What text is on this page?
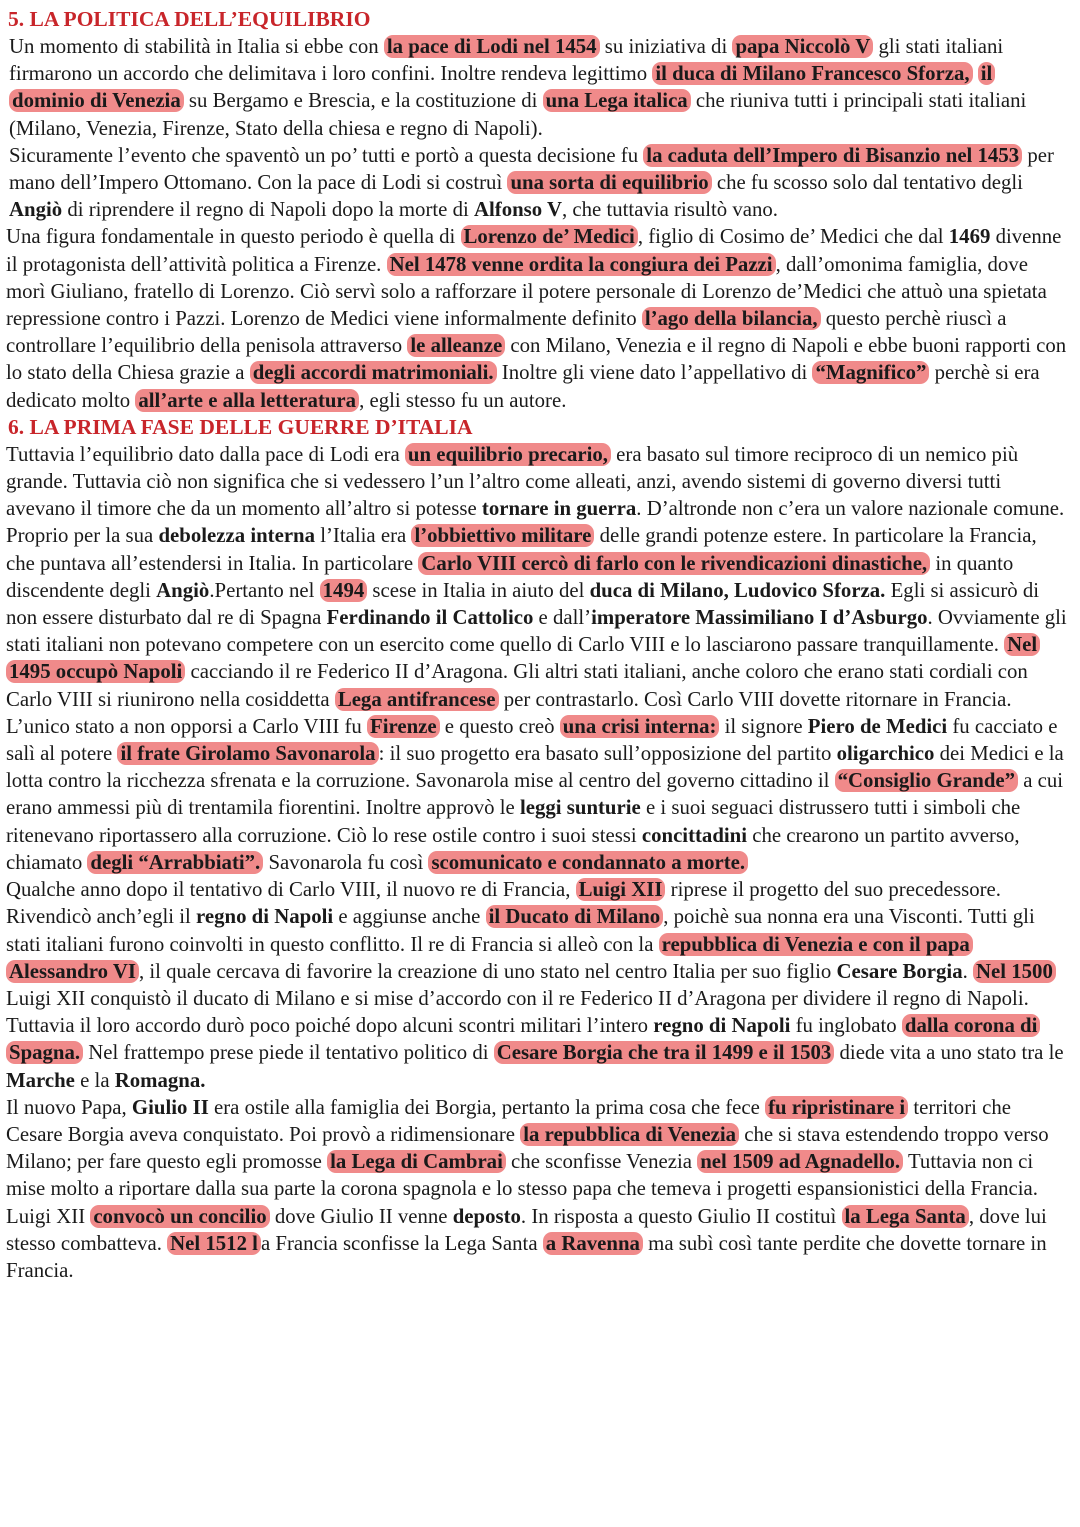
5. LA POLITICA DELL’EQUILIBRIO

Un momento di stabilità in Italia si ebbe con la pace di Lodi nel 1454 su iniziativa di papa Niccolò V gli stati italiani firmarono un accordo che delimitava i loro confini. Inoltre rendeva legittimo il duca di Milano Francesco Sforza, il dominio di Venezia su Bergamo e Brescia, e la costituzione di una Lega italica che riuniva tutti i principali stati italiani (Milano, Venezia, Firenze, Stato della chiesa e regno di Napoli).

Sicuramente l’evento che spaventò un po’ tutti e portò a questa decisione fu la caduta dell’Impero di Bisanzio nel 1453 per mano dell’Impero Ottomano. Con la pace di Lodi si costruì una sorta di equilibrio che fu scosso solo dal tentativo degli Angiò di riprendere il regno di Napoli dopo la morte di Alfonso V, che tuttavia risultò vano.

Una figura fondamentale in questo periodo è quella di Lorenzo de’ Medici , figlio di Cosimo de’ Medici che dal 1469 divenne il protagonista dell’attività politica a Firenze. Nel 1478 venne ordita la congiura dei Pazzi , dall’omonima famiglia, dove morì Giuliano, fratello di Lorenzo. Ciò servì solo a rafforzare il potere personale di Lorenzo de’Medici che attuò una spietata repressione contro i Pazzi. Lorenzo de Medici viene informalmente definito l’ago della bilancia, questo perchè riuscì a controllare l’equilibrio della penisola attraverso le alleanze con Milano, Venezia e il regno di Napoli e ebbe buoni rapporti con lo stato della Chiesa grazie a degli accordi matrimoniali. Inoltre gli viene dato l’appellativo di “Magnifico” perchè si era dedicato molto all’arte e alla letteratura , egli stesso fu un autore.

6. LA PRIMA FASE DELLE GUERRE D’ITALIA

Tuttavia l’equilibrio dato dalla pace di Lodi era un equilibrio precario, era basato sul timore reciproco di un nemico più grande. Tuttavia ciò non significa che si vedessero l’un l’altro come alleati, anzi, avendo sistemi di governo diversi tutti avevano il timore che da un momento all’altro si potesse tornare in guerra. D’altronde non c’era un valore nazionale comune.

Proprio per la sua debolezza interna l’Italia era l’obbiettivo militare delle grandi potenze estere. In particolare la Francia, che puntava all’estendersi in Italia. In particolare Carlo VIII cercò di farlo con le rivendicazioni dinastiche, in quanto discendente degli Angiò.Pertanto nel 1494 scese in Italia in aiuto del duca di Milano, Ludovico Sforza. Egli si assicurò di non essere disturbato dal re di Spagna Ferdinando il Cattolico e dall’imperatore Massimiliano I d’Asburgo. Ovviamente gli stati italiani non potevano competere con un esercito come quello di Carlo VIII e lo lasciarono passare tranquillamente. Nel 1495 occupò Napoli cacciando il re Federico II d’Aragona. Gli altri stati italiani, anche coloro che erano stati cordiali con Carlo VIII si riunirono nella cosiddetta Lega antifrancese per contrastarlo. Così Carlo VIII dovette ritornare in Francia.

L’unico stato a non opporsi a Carlo VIII fu Firenze e questo creò una crisi interna: il signore Piero de Medici fu cacciato e salì al potere il frate Girolamo Savonarola : il suo progetto era basato sull’opposizione del partito oligarchico dei Medici e la lotta contro la ricchezza sfrenata e la corruzione. Savonarola mise al centro del governo cittadino il “Consiglio Grande” a cui erano ammessi più di trentamila fiorentini. Inoltre approvò le leggi sunturie e i suoi seguaci distrussero tutti i simboli che ritenevano riportassero alla corruzione. Ciò lo rese ostile contro i suoi stessi concittadini che crearono un partito avverso, chiamato degli “Arrabbiati”. Savonarola fu così scomunicato e condannato a morte.

Qualche anno dopo il tentativo di Carlo VIII, il nuovo re di Francia, Luigi XII riprese il progetto del suo precedessore. Rivendicò anch’egli il regno di Napoli e aggiunse anche il Ducato di Milano , poichè sua nonna era una Visconti. Tutti gli stati italiani furono coinvolti in questo conflitto. Il re di Francia si alleò con la repubblica di Venezia e con il papa Alessandro VI , il quale cercava di favorire la creazione di uno stato nel centro Italia per suo figlio Cesare Borgia. Nel 1500 Luigi XII conquistò il ducato di Milano e si mise d’accordo con il re Federico II d’Aragona per dividere il regno di Napoli. Tuttavia il loro accordo durò poco poiché dopo alcuni scontri militari l’intero regno di Napoli fu inglobato dalla corona di Spagna. Nel frattempo prese piede il tentativo politico di Cesare Borgia che tra il 1499 e il 1503 diede vita a uno stato tra le Marche e la Romagna.

Il nuovo Papa, Giulio II era ostile alla famiglia dei Borgia, pertanto la prima cosa che fece fu ripristinare i territori che Cesare Borgia aveva conquistato. Poi provò a ridimensionare la repubblica di Venezia che si stava estendendo troppo verso Milano; per fare questo egli promosse la Lega di Cambrai che sconfisse Venezia nel 1509 ad Agnadello. Tuttavia non ci mise molto a riportare dalla sua parte la corona spagnola e lo stesso papa che temeva i progetti espansionistici della Francia. Luigi XII convocò un concilio dove Giulio II venne deposto. In risposta a questo Giulio II costituì la Lega Santa , dove lui stesso combatteva. Nel 1512 l a Francia sconfisse la Lega Santa a Ravenna ma subì così tante perdite che dovette tornare in Francia.
